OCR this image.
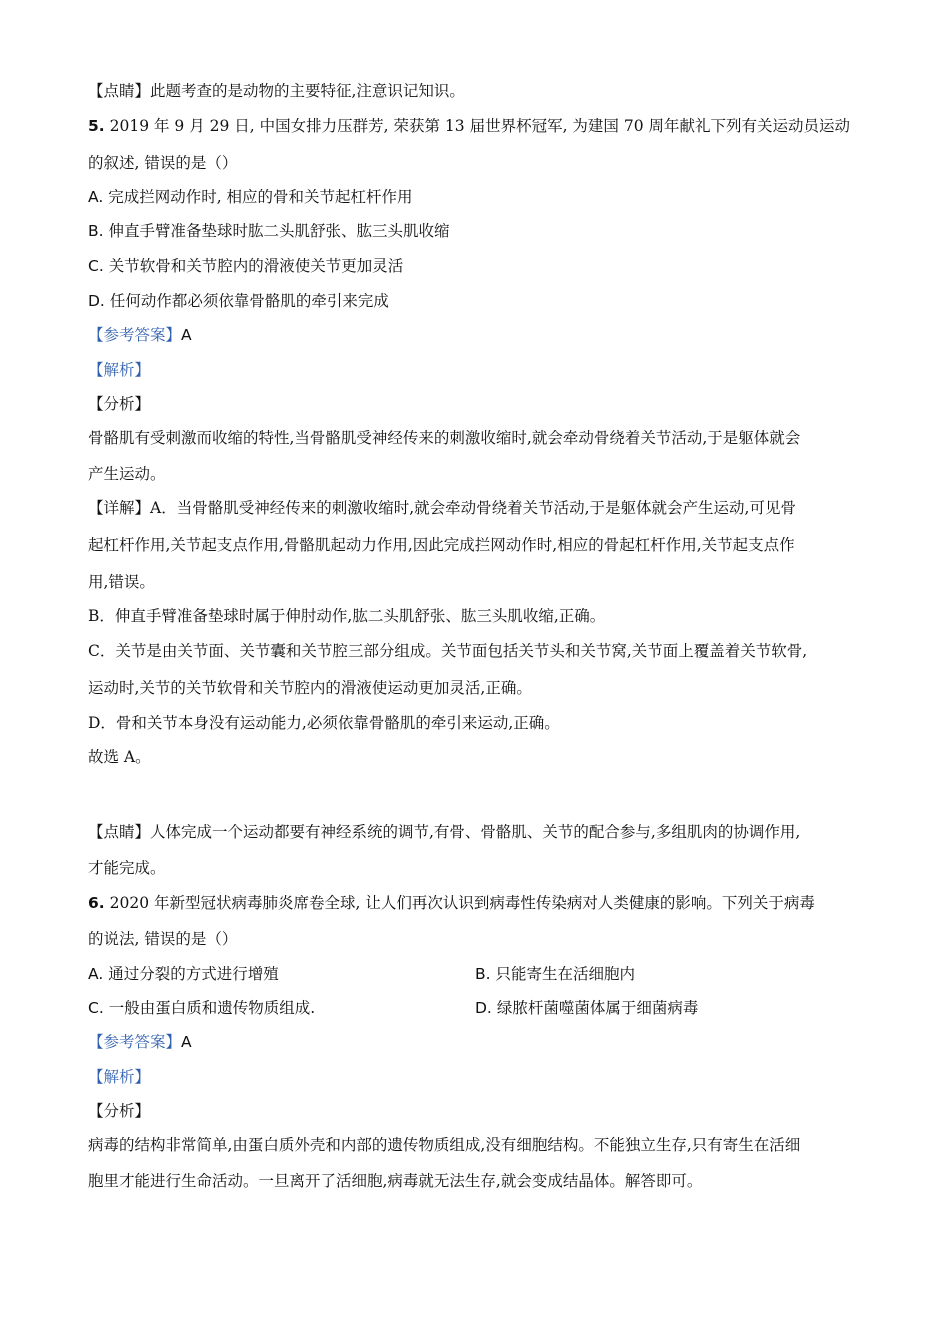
【点睛】此题考查的是动物的主要特征,注意识记知识。
5. 2019 年 9 月 29 日, 中国女排力压群芳, 荣获第 13 届世界杯冠军, 为建国 70 周年献礼下列有关运动员运动
的叙述, 错误的是（）
A. 完成拦网动作时, 相应的骨和关节起杠杆作用
B. 伸直手臂准备垫球时肱二头肌舒张、肱三头肌收缩
C. 关节软骨和关节腔内的滑液使关节更加灵活
D. 任何动作都必须依靠骨骼肌的牵引来完成
【参考答案】A
【解析】
【分析】
骨骼肌有受刺激而收缩的特性,当骨骼肌受神经传来的刺激收缩时,就会牵动骨绕着关节活动,于是躯体就会
产生运动。
【详解】A．当骨骼肌受神经传来的刺激收缩时,就会牵动骨绕着关节活动,于是躯体就会产生运动,可见骨
起杠杆作用,关节起支点作用,骨骼肌起动力作用,因此完成拦网动作时,相应的骨起杠杆作用,关节起支点作
用,错误。
B．伸直手臂准备垫球时属于伸肘动作,肱二头肌舒张、肱三头肌收缩,正确。
C．关节是由关节面、关节囊和关节腔三部分组成。关节面包括关节头和关节窝,关节面上覆盖着关节软骨,
运动时,关节的关节软骨和关节腔内的滑液使运动更加灵活,正确。
D．骨和关节本身没有运动能力,必须依靠骨骼肌的牵引来运动,正确。
故选 A。
【点睛】人体完成一个运动都要有神经系统的调节,有骨、骨骼肌、关节的配合参与,多组肌肉的协调作用,
才能完成。
6. 2020 年新型冠状病毒肺炎席卷全球, 让人们再次认识到病毒性传染病对人类健康的影响。下列关于病毒
的说法, 错误的是（）
A. 通过分裂的方式进行增殖	B. 只能寄生在活细胞内
C. 一般由蛋白质和遗传物质组成.	D. 绿脓杆菌噬菌体属于细菌病毒
【参考答案】A
【解析】
【分析】
病毒的结构非常简单,由蛋白质外壳和内部的遗传物质组成,没有细胞结构。不能独立生存,只有寄生在活细
胞里才能进行生命活动。一旦离开了活细胞,病毒就无法生存,就会变成结晶体。解答即可。
